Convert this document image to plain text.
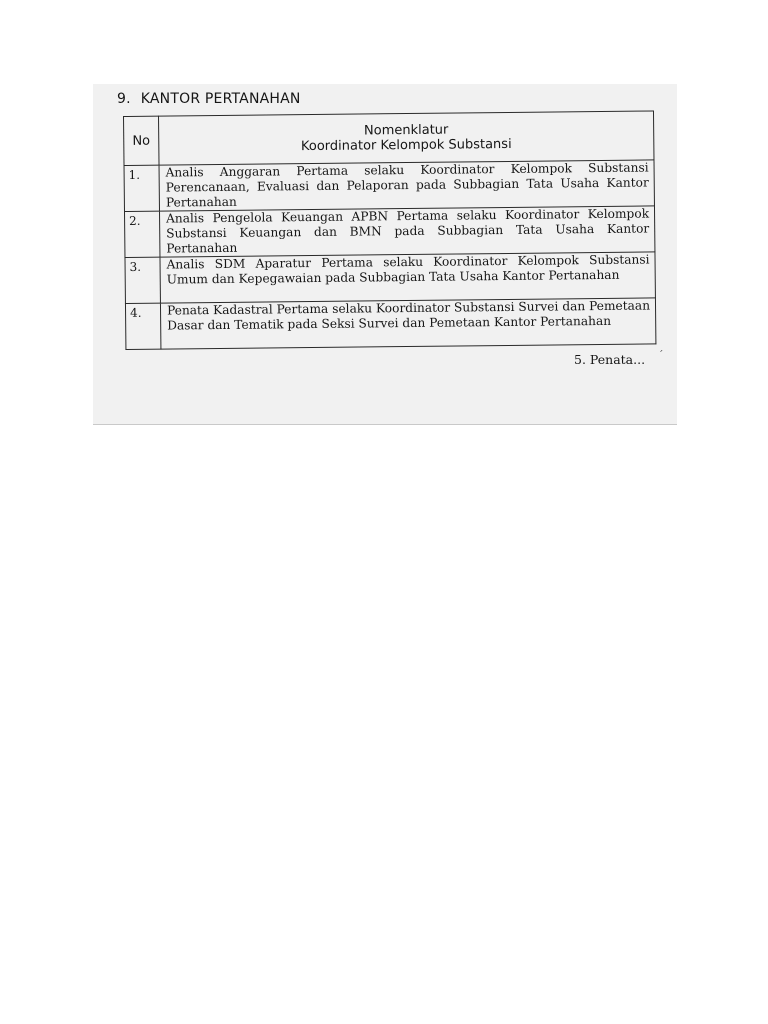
9. KANTOR PERTANAHAN
No	Nomenklatur
Koordinator Kelompok Substansi

1.	Analis Anggaran Pertama selaku Koordinator Kelompok Substansi Perencanaan, Evaluasi dan Pelaporan pada Subbagian Tata Usaha Kantor Pertanahan
2.	Analis Pengelola Keuangan APBN Pertama selaku Koordinator Kelompok Substansi Keuangan dan BMN pada Subbagian Tata Usaha Kantor Pertanahan
3.	Analis SDM Aparatur Pertama selaku Koordinator Kelompok Substansi Umum dan Kepegawaian pada Subbagian Tata Usaha Kantor Pertanahan
4.	Penata Kadastral Pertama selaku Koordinator Substansi Survei dan Pemetaan Dasar dan Tematik pada Seksi Survei dan Pemetaan Kantor Pertanahan
5. Penata... ˊ
